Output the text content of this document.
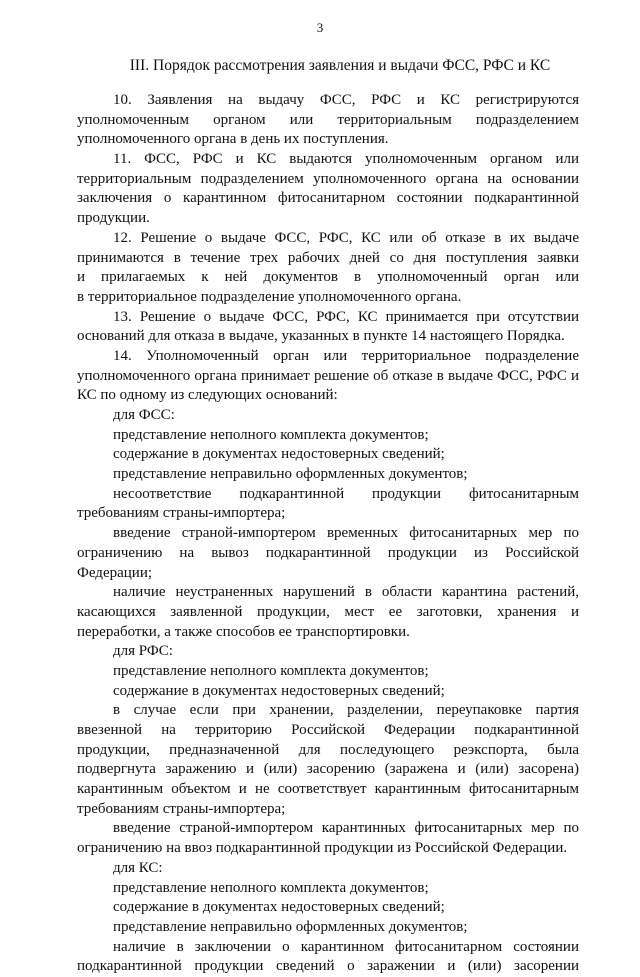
3
III. Порядок рассмотрения заявления и выдачи ФСС, РФС и КС
10. Заявления на выдачу ФСС, РФС и КС регистрируются
уполномоченным органом или территориальным подразделением
уполномоченного органа в день их поступления.
11. ФСС, РФС и КС выдаются уполномоченным органом или
территориальным подразделением уполномоченного органа на основании
заключения о карантинном фитосанитарном состоянии подкарантинной
продукции.
12. Решение о выдаче ФСС, РФС, КС или об отказе в их выдаче
принимаются в течение трех рабочих дней со дня поступления заявки
и прилагаемых к ней документов в уполномоченный орган или
в территориальное подразделение уполномоченного органа.
13. Решение о выдаче ФСС, РФС, КС принимается при отсутствии
оснований для отказа в выдаче, указанных в пункте 14 настоящего Порядка.
14. Уполномоченный орган или территориальное подразделение
уполномоченного органа принимает решение об отказе в выдаче ФСС, РФС и
КС по одному из следующих оснований:
для ФСС:
представление неполного комплекта документов;
содержание в документах недостоверных сведений;
представление неправильно оформленных документов;
несоответствие подкарантинной продукции фитосанитарным
требованиям страны-импортера;
введение страной-импортером временных фитосанитарных мер по
ограничению на вывоз подкарантинной продукции из Российской
Федерации;
наличие неустраненных нарушений в области карантина растений,
касающихся заявленной продукции, мест ее заготовки, хранения и
переработки, а также способов ее транспортировки.
для РФС:
представление неполного комплекта документов;
содержание в документах недостоверных сведений;
в случае если при хранении, разделении, переупаковке партия
ввезенной на территорию Российской Федерации подкарантинной
продукции, предназначенной для последующего реэкспорта, была
подвергнута заражению и (или) засорению (заражена и (или) засорена)
карантинным объектом и не соответствует карантинным фитосанитарным
требованиям страны-импортера;
введение страной-импортером карантинных фитосанитарных мер по
ограничению на ввоз подкарантинной продукции из Российской Федерации.
для КС:
представление неполного комплекта документов;
содержание в документах недостоверных сведений;
представление неправильно оформленных документов;
наличие в заключении о карантинном фитосанитарном состоянии
подкарантинной продукции сведений о заражении и (или) засорении
